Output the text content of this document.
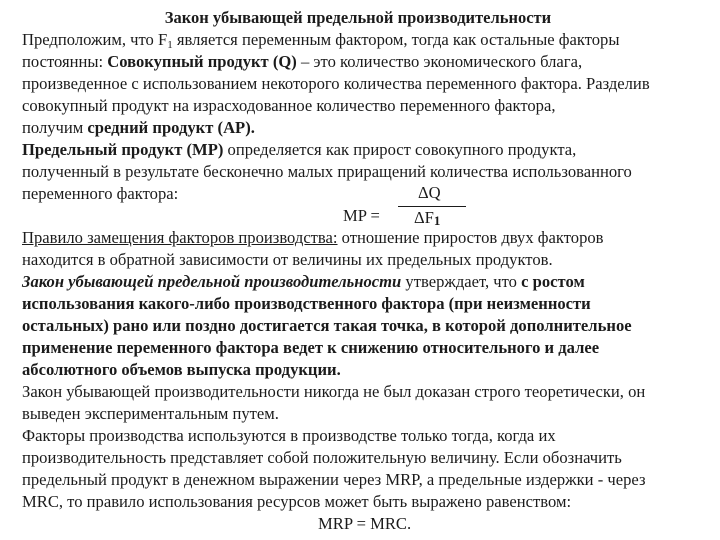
Закон убывающей предельной производительности
Предположим, что $F_1$ является переменным фактором, тогда как остальные факторы
постоянны: Совокупный продукт (Q) – это количество экономического блага,
произведенное с использованием некоторого количества переменного фактора. Разделив
совокупный продукт на израсходованное количество переменного фактора,
получим средний продукт (АР).
Предельный продукт (МР) определяется как прирост совокупного продукта,
полученный в результате бесконечно малых приращений количества использованного
переменного фактора:	ΔQ
MP = $\Delta F_1$
Правило замещения факторов производства: отношение приростов двух факторов
находится в обратной зависимости от величины их предельных продуктов.
Закон убывающей предельной производительности утверждает, что с ростом
использования какого-либо производственного фактора (при неизменности
остальных) рано или поздно достигается такая точка, в которой дополнительное
применение переменного фактора ведет к снижению относительного и далее
абсолютного объемов выпуска продукции.
Закон убывающей производительности никогда не был доказан строго теоретически, он
выведен экспериментальным путем.
Факторы производства используются в производстве только тогда, когда их
производительность представляет собой положительную величину. Если обозначить
предельный продукт в денежном выражении через MRP, а предельные издержки - через
MRC, то правило использования ресурсов может быть выражено равенством:
MRP = MRC.
